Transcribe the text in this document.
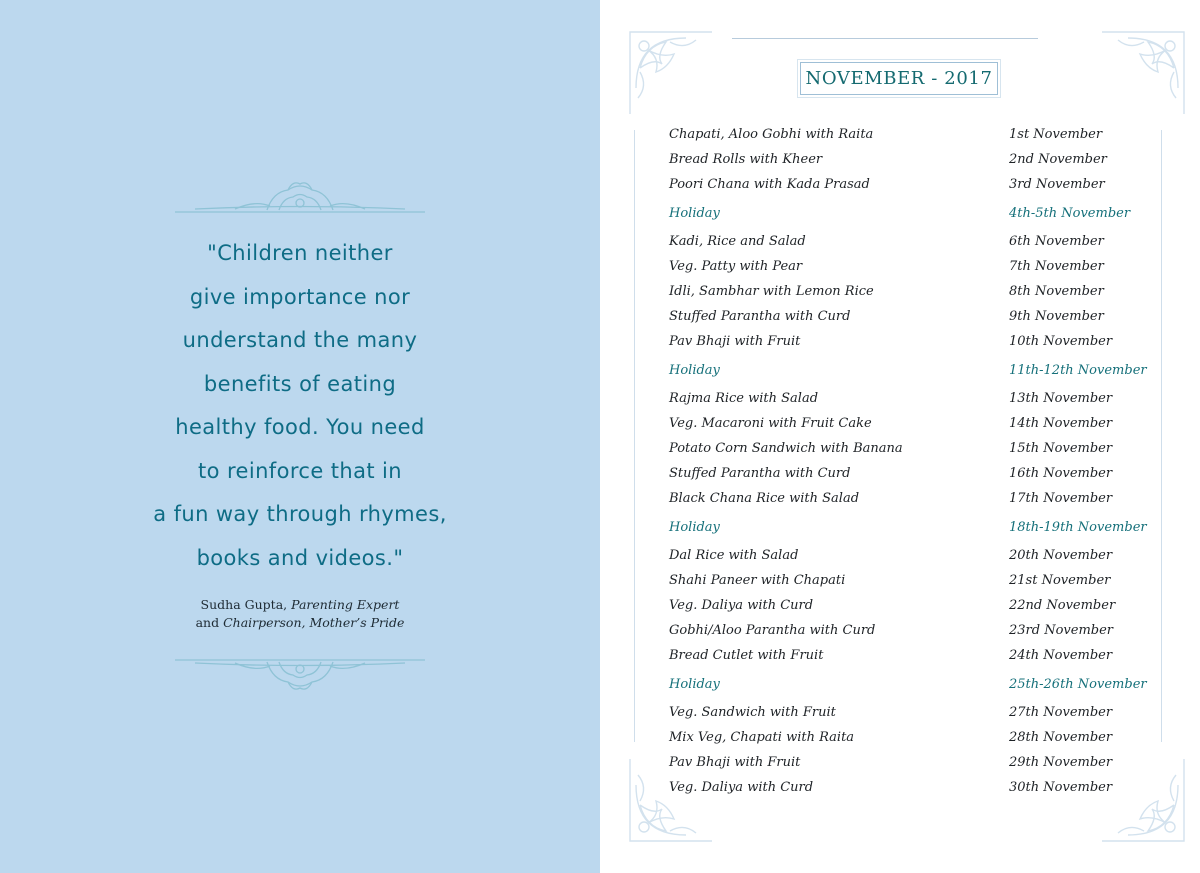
"Children neither
give importance nor
understand the many
benefits of eating
healthy food. You need
to reinforce that in
a fun way through rhymes,
books and videos."
Sudha Gupta, Parenting Expert
and Chairperson, Mother’s Pride
NOVEMBER - 2017
Chapati, Aloo Gobhi with Raita	1st November
Bread Rolls with Kheer	2nd November
Poori Chana with Kada Prasad	3rd November
Holiday	4th-5th November
Kadi, Rice and Salad	6th November
Veg. Patty with Pear	7th November
Idli, Sambhar with Lemon Rice	8th November
Stuffed Parantha with Curd	9th November
Pav Bhaji with Fruit	10th November
Holiday	11th-12th November
Rajma Rice with Salad	13th November
Veg. Macaroni with Fruit Cake	14th November
Potato Corn Sandwich with Banana	15th November
Stuffed Parantha with Curd	16th November
Black Chana Rice with Salad	17th November
Holiday	18th-19th November
Dal Rice with Salad	20th November
Shahi Paneer with Chapati	21st November
Veg. Daliya with Curd	22nd November
Gobhi/Aloo Parantha with Curd	23rd November
Bread Cutlet with Fruit	24th November
Holiday	25th-26th November
Veg. Sandwich with Fruit	27th November
Mix Veg, Chapati with Raita	28th November
Pav Bhaji with Fruit	29th November
Veg. Daliya with Curd	30th November
